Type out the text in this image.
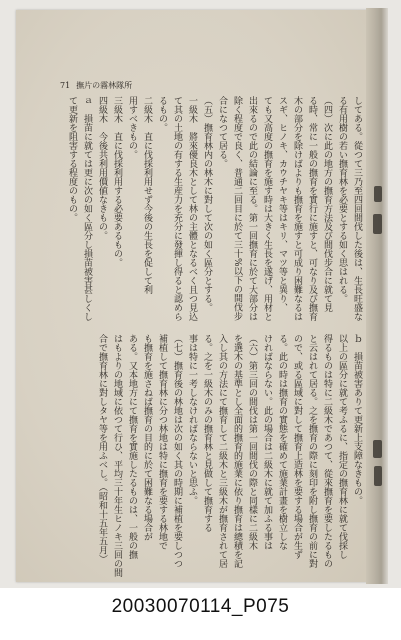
71 撫片の霧林隊所
してある。從つて三乃至四回間伐した後は、生長旺盛な
る有用樹の若い撫育林を必要とする如く思はれる。
（四）次に此の地方の撫育方法及び間伐步合に就て見
る時、常に一般の撫育を實行に施すと、可なり及び撫育
木の部分を除けばよりも撫育を施すと可成り困難なるは
スギ、ヒノキ、カウチヤキ等はキリ、マツ等と異り、
ても又高度の撫育を施す時は大きく生長を遂げ、用材と
出來るので此の結論に至る。第一回撫育に於て大部分は
除く程度で良く、普通二回目に於て三十%以下の間伐步
合になつて居る。
（五）撫育林内の林木に對して次の如く區分とする。
一級木　將來優良木として林の主體となるべく且つ見込
て其の土地の有する生産力を充分に發揮し得ると認めら
るもの。
二級木　直に伐採利用せず今後の生長を促して利
用すべきもの。
三級木　直に伐採利用する必要あるもの。
四級木　今後共利用價値なきもの。
ａ　損苗に就ては更に次の如く區分し損苗被害甚しくし
て更新を阻害する程度のもの。
ｂ　損苗被害ありて更新上支障なきもの。
以上の區分に就て考ふるに、指定の撫育林に就て伐採し
得るものは特に二級木であつて、從來撫育を要したるもの
と云はれて居る。之を撫育の際に刻印を附し撫育の前に對
ので、或る區域に對して撫育上造林を要する場合が生ず
る。此の時は撫育の實態を確めて施業計畫を樹立しな
ければならない。此の場合は二級木に就て加ふる事は
（六）第三回の間伐は第一回間伐の際と同樣に二級木
を選木の基準とし全面的撫育的施業に依り撫育は總積を記
入し其の方法にて撫育して二級木と三級木が撫育されて居
る。之を一級木のみの撫育林と見做して撫育する
事は特に一考しなければならないと思ふ。
（七）撫育後の林地は次の如く其の時期に補植を要しつつ
補植して撫育林に分つ林地は特に撫育を要する林地で
も撫育を施さねば撫育の目的に於て困難なる場合が
ある。又本地方にて撫育を實施したるものは、一般の撫
はもよりの地域に依つて行ひ、平均三十年生ヒノキ三回の間
合で撫育林に對しタヤ等を用ふべし。（昭和十五年五月）
20030070114_P075
